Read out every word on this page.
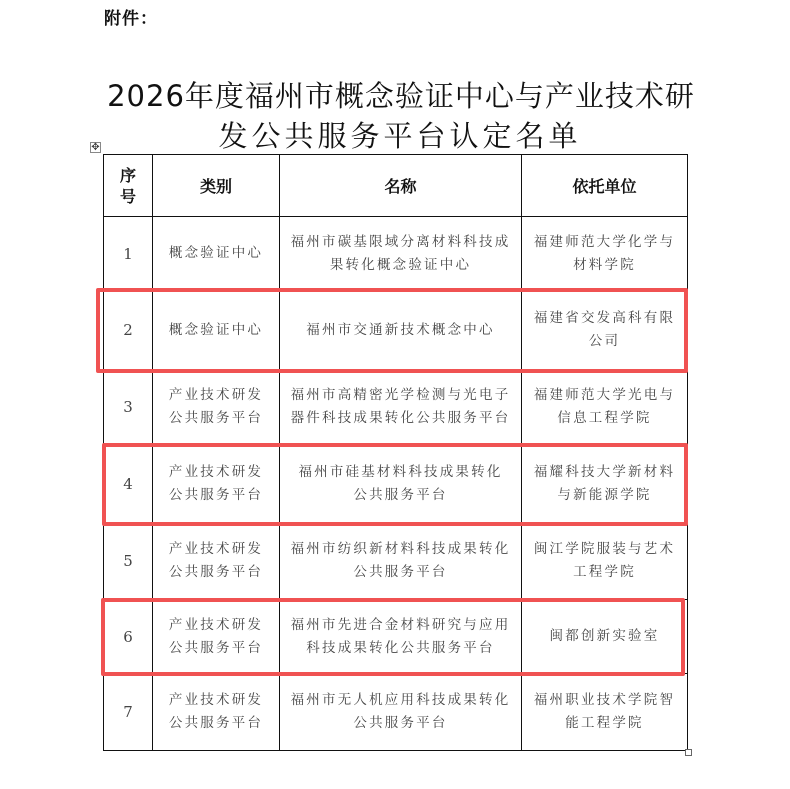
附件：
2026年度福州市概念验证中心与产业技术研
发公共服务平台认定名单
✥
序
号	类别	名称	依托单位
1	概念验证中心	福州市碳基限域分离材料科技成
果转化概念验证中心	福建师范大学化学与
材料学院
2	概念验证中心	福州市交通新技术概念中心	福建省交发高科有限
公司
3	产业技术研发
公共服务平台	福州市高精密光学检测与光电子
器件科技成果转化公共服务平台	福建师范大学光电与
信息工程学院
4	产业技术研发
公共服务平台	福州市硅基材料科技成果转化
公共服务平台	福耀科技大学新材料
与新能源学院
5	产业技术研发
公共服务平台	福州市纺织新材料科技成果转化
公共服务平台	闽江学院服装与艺术
工程学院
6	产业技术研发
公共服务平台	福州市先进合金材料研究与应用
科技成果转化公共服务平台	闽都创新实验室
7	产业技术研发
公共服务平台	福州市无人机应用科技成果转化
公共服务平台	福州职业技术学院智
能工程学院
